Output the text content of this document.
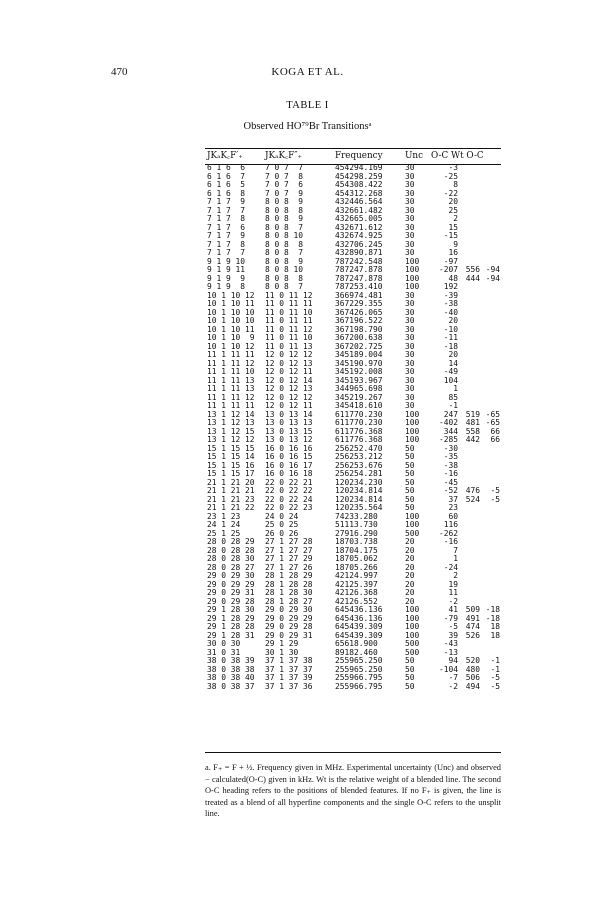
470	KOGA ET AL.
TABLE I
Observed HO⁷⁹Br Transitionsᵃ
JKₐK꜀F′₊	JKₐK꜀F″₊	Frequency	Unc	O-C Wt O-C
6 1 6  6	7 0 7  7	454294.169	30	-3
6 1 6  7	7 0 7  8	454298.259	30	-25
6 1 6  5	7 0 7  6	454308.422	30	8
6 1 6  8	7 0 7  9	454312.268	30	-22
7 1 7  9	8 0 8  9	432446.564	30	20
7 1 7  7	8 0 8  8	432661.482	30	25
7 1 7  8	8 0 8  9	432665.005	30	2
7 1 7  6	8 0 8  7	432671.612	30	15
7 1 7  9	8 0 8 10	432674.925	30	-15
7 1 7  8	8 0 8  8	432706.245	30	9
7 1 7  7	8 0 8  7	432890.871	30	16
9 1 9 10	8 0 8  9	787242.548	100	-97
9 1 9 11	8 0 8 10	787247.878	100	-207 556 -94
9 1 9  9	8 0 8  8	787247.878	100	48 444 -94
9 1 9  8	8 0 8  7	787253.410	100	192
10 1 10 12	11 0 11 12	366974.481	30	-39
10 1 10 11	11 0 11 11	367229.355	30	-38
10 1 10 10	11 0 11 10	367426.065	30	-40
10 1 10 10	11 0 11 11	367196.522	30	20
10 1 10 11	11 0 11 12	367198.790	30	-10
10 1 10  9	11 0 11 10	367200.638	30	-11
10 1 10 12	11 0 11 13	367202.725	30	-18
11 1 11 11	12 0 12 12	345189.004	30	20
11 1 11 12	12 0 12 13	345190.970	30	14
11 1 11 10	12 0 12 11	345192.008	30	-49
11 1 11 13	12 0 12 14	345193.967	30	104
11 1 11 13	12 0 12 13	344965.698	30	1
11 1 11 12	12 0 12 12	345219.267	30	85
11 1 11 11	12 0 12 11	345418.610	30	-1
13 1 12 14	13 0 13 14	611770.230	100	247 519 -65
13 1 12 13	13 0 13 13	611770.230	100	-402 481 -65
13 1 12 15	13 0 13 15	611776.368	100	344 558 66
13 1 12 12	13 0 13 12	611776.368	100	-285 442 66
15 1 15 15	16 0 16 16	256252.470	50	-30
15 1 15 14	16 0 16 15	256253.212	50	-35
15 1 15 16	16 0 16 17	256253.676	50	-38
15 1 15 17	16 0 16 18	256254.281	50	-16
21 1 21 20	22 0 22 21	120234.230	50	-45
21 1 21 21	22 0 22 22	120234.814	50	-52 476 -5
21 1 21 23	22 0 22 24	120234.814	50	37 524 -5
21 1 21 22	22 0 22 23	120235.564	50	23
23 1 23	24 0 24	74233.280	100	60
24 1 24	25 0 25	51113.730	100	116
25 1 25	26 0 26	27916.290	500	-262
28 0 28 29	27 1 27 28	18703.738	20	-16
28 0 28 28	27 1 27 27	18704.175	20	7
28 0 28 30	27 1 27 29	18705.062	20	1
28 0 28 27	27 1 27 26	18705.266	20	-24
29 0 29 30	28 1 28 29	42124.997	20	2
29 0 29 29	28 1 28 28	42125.397	20	19
29 0 29 31	28 1 28 30	42126.368	20	11
29 0 29 28	28 1 28 27	42126.552	20	-2
29 1 28 30	29 0 29 30	645436.136	100	41 509 -18
29 1 28 29	29 0 29 29	645436.136	100	-79 491 -18
29 1 28 28	29 0 29 28	645439.309	100	-5 474 18
29 1 28 31	29 0 29 31	645439.309	100	39 526 18
30 0 30	29 1 29	65618.900	500	-43
31 0 31	30 1 30	89182.460	500	-13
38 0 38 39	37 1 37 38	255965.250	50	94 520 -1
38 0 38 38	37 1 37 37	255965.250	50	-104 480 -1
38 0 38 40	37 1 37 39	255966.795	50	-7 506 -5
38 0 38 37	37 1 37 36	255966.795	50	-2 494 -5
a. F₊ = F + ½. Frequency given in MHz. Experimental uncertainty (Unc) and observed − calculated(O-C) given in kHz. Wt is the relative weight of a blended line. The second O-C heading refers to the positions of blended features. If no F₊ is given, the line is treated as a blend of all hyperfine components and the single O-C refers to the unsplit line.
